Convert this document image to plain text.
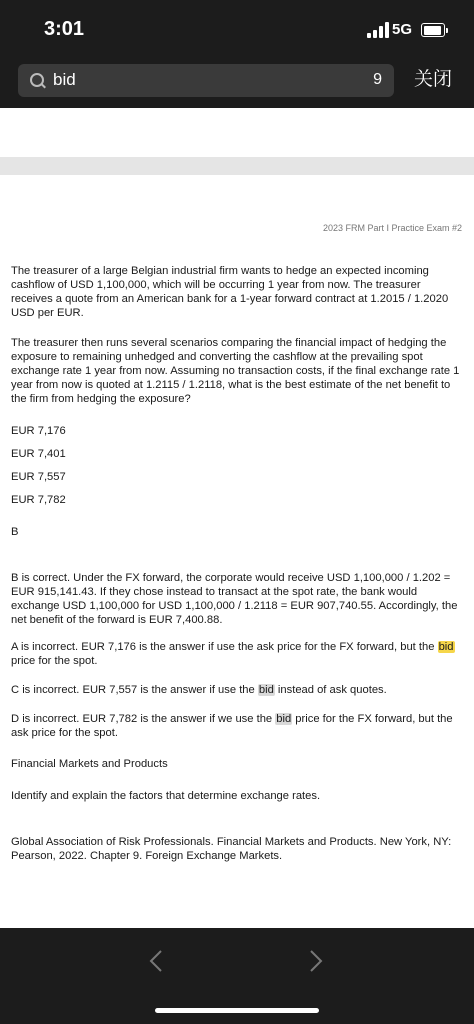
3:01	5G
bid	9 关闭
2023 FRM Part I Practice Exam #2

The treasurer of a large Belgian industrial firm wants to hedge an expected incoming cashflow of USD 1,100,000, which will be occurring 1 year from now. The treasurer receives a quote from an American bank for a 1-year forward contract at 1.2015 / 1.2020 USD per EUR.

The treasurer then runs several scenarios comparing the financial impact of hedging the exposure to remaining unhedged and converting the cashflow at the prevailing spot exchange rate 1 year from now. Assuming no transaction costs, if the final exchange rate 1 year from now is quoted at 1.2115 / 1.2118, what is the best estimate of the net benefit to the firm from hedging the exposure?

EUR 7,176

EUR 7,401

EUR 7,557

EUR 7,782

B

B is correct. Under the FX forward, the corporate would receive USD 1,100,000 / 1.202 = EUR 915,141.43. If they chose instead to transact at the spot rate, the bank would exchange USD 1,100,000 for USD 1,100,000 / 1.2118 = EUR 907,740.55. Accordingly, the net benefit of the forward is EUR 7,400.88.

A is incorrect. EUR 7,176 is the answer if use the ask price for the FX forward, but the bid price for the spot.

C is incorrect. EUR 7,557 is the answer if use the bid instead of ask quotes.

D is incorrect. EUR 7,782 is the answer if we use the bid price for the FX forward, but the ask price for the spot.

Financial Markets and Products

Identify and explain the factors that determine exchange rates.

Global Association of Risk Professionals. Financial Markets and Products. New York, NY: Pearson, 2022. Chapter 9. Foreign Exchange Markets.
